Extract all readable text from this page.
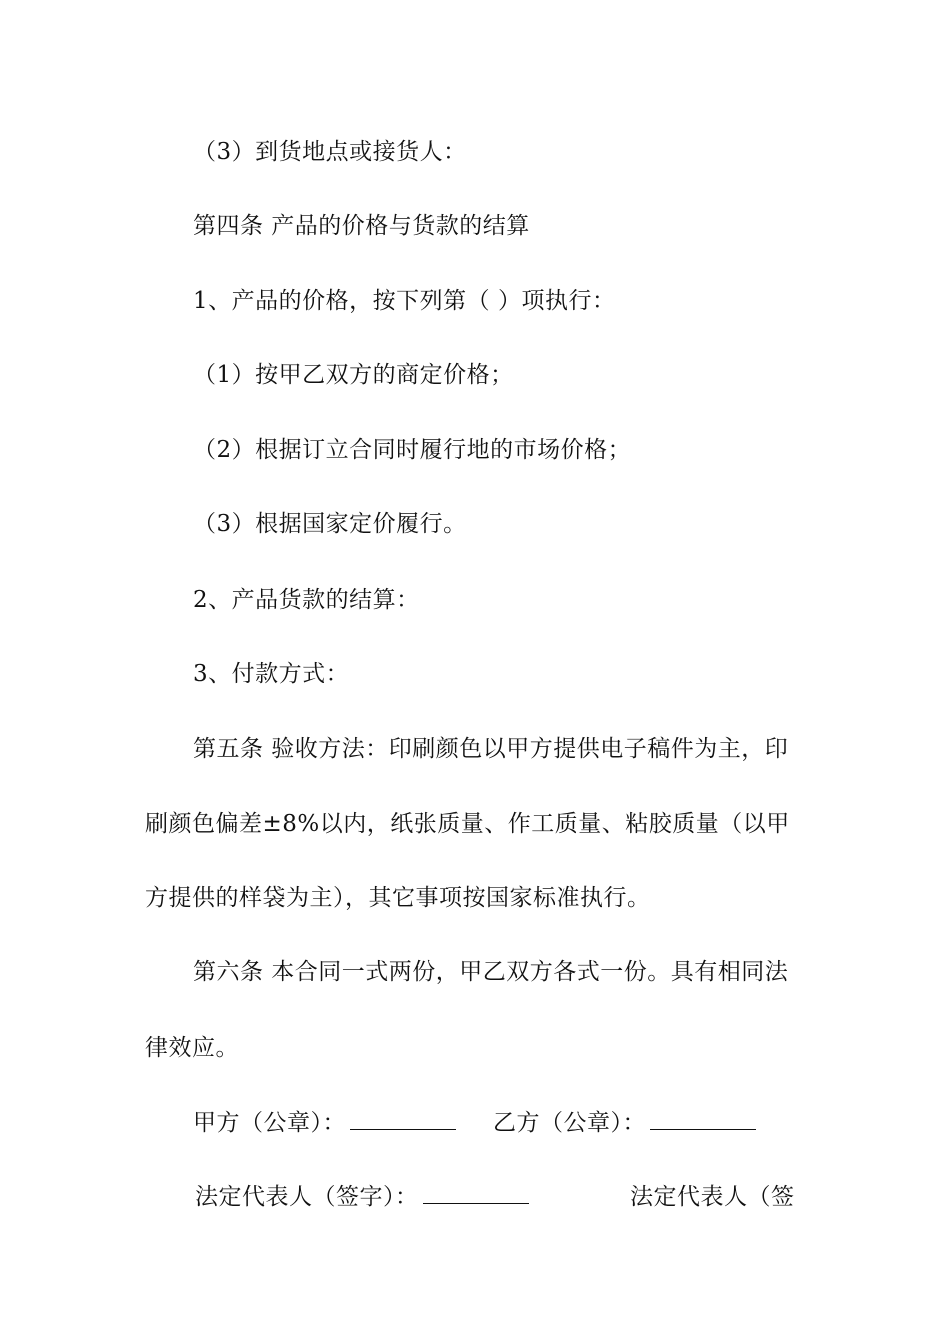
（3）到货地点或接货人：
第四条 产品的价格与货款的结算
1、产品的价格，按下列第（ ）项执行：
（1）按甲乙双方的商定价格；
（2）根据订立合同时履行地的市场价格；
（3）根据国家定价履行。
2、产品货款的结算：
3、付款方式：
第五条 验收方法：印刷颜色以甲方提供电子稿件为主，印
刷颜色偏差±8%以内，纸张质量、作工质量、粘胶质量（以甲
方提供的样袋为主），其它事项按国家标准执行。
第六条 本合同一式两份，甲乙双方各式一份。具有相同法
律效应。
甲方（公章）：	乙方（公章）：
法定代表人（签字）：	法定代表人（签
